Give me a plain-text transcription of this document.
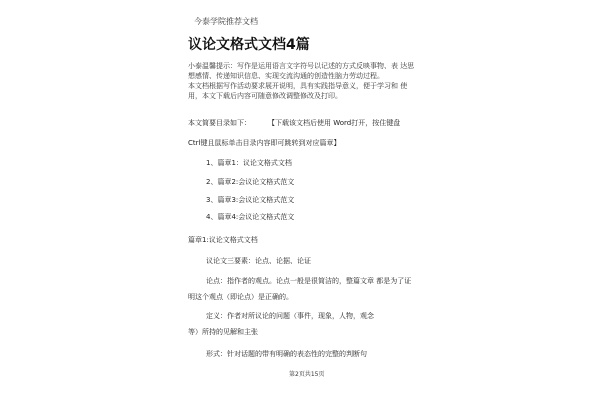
今泰学院推荐文档
议论文格式文档4篇
小泰温馨提示：写作是运用语言文字符号以记述的方式反映事物、表 达思
想感情、传递知识信息、实现交流沟通的创造性脑力劳动过程。
本文档根据写作活动要求展开说明，具有实践指导意义，便于学习和 使
用，本文下载后内容可随意修改调整修改及打印。
本文简要目录如下： 【下载该文档后使用 Word打开，按住键盘
Ctrl键且鼠标单击目录内容即可跳转到对应篇章】
1、篇章1：议论文格式文档
2、篇章2:会议论文格式范文
3、篇章3:会议论文格式范文
4、篇章4:会议论文格式范文
篇章1:议论文格式文档
议论文三要素：论点、论据、论证
论点：指作者的观点。论点一般是很简洁的，整篇文章 都是为了证
明这个观点（即论点）是正确的。
定义：作者对所议论的问题（事件，现象，人物，观念
等）所持的见解和主张
形式：针对话题的带有明确的表态性的完整的判断句
第2页共15页
